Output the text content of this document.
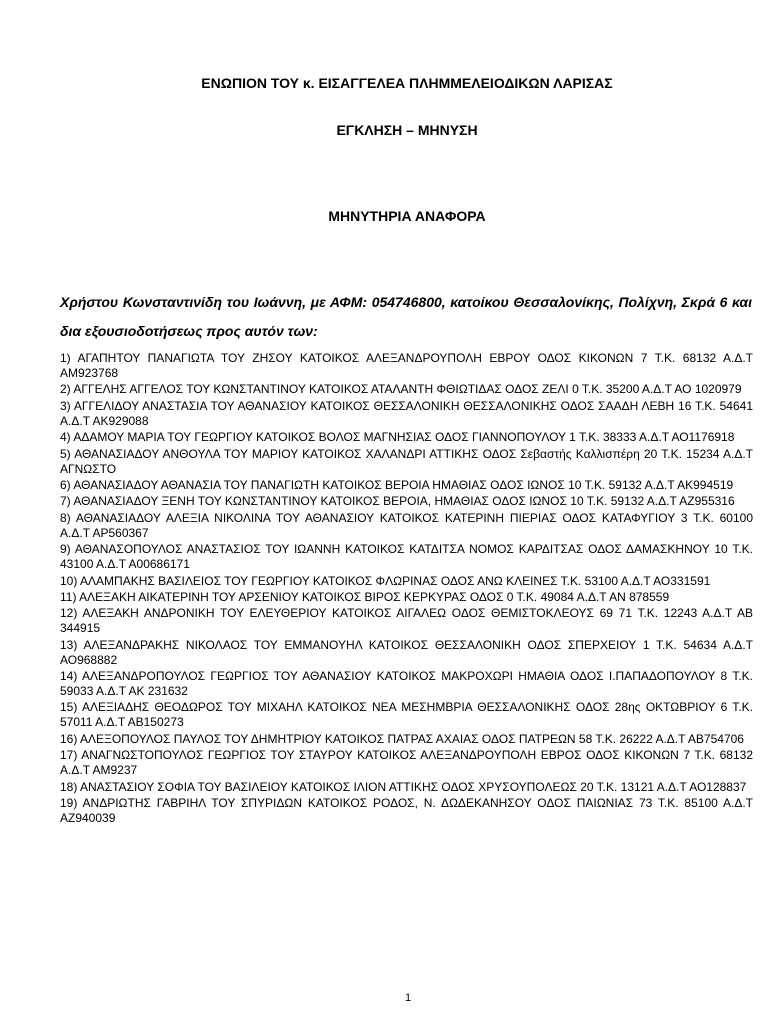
ΕΝΩΠΙΟΝ ΤΟΥ κ. ΕΙΣΑΓΓΕΛΕΑ ΠΛΗΜΜΕΛΕΙΟΔΙΚΩΝ ΛΑΡΙΣΑΣ
ΕΓΚΛΗΣΗ – ΜΗΝΥΣΗ
ΜΗΝΥΤΗΡΙΑ ΑΝΑΦΟΡΑ
Χρήστου Κωνσταντινίδη του Ιωάννη, με ΑΦΜ: 054746800, κατοίκου Θεσσαλονίκης, Πολίχνη, Σκρά 6 και δια εξουσιοδοτήσεως προς αυτόν των:
1) ΑΓΑΠΗΤΟΥ ΠΑΝΑΓΙΩΤΑ ΤΟΥ ΖΗΣΟΥ ΚΑΤΟΙΚΟΣ ΑΛΕΞΑΝΔΡΟΥΠΟΛΗ ΕΒΡΟΥ ΟΔΟΣ ΚΙΚΟΝΩΝ 7 Τ.Κ. 68132 Α.Δ.Τ ΑΜ923768
2) ΑΓΓΕΛΗΣ ΑΓΓΕΛΟΣ ΤΟΥ ΚΩΝΣΤΑΝΤΙΝΟΥ ΚΑΤΟΙΚΟΣ ΑΤΑΛΑΝΤΗ ΦΘΙΩΤΙΔΑΣ ΟΔΟΣ ΖΕΛΙ 0 Τ.Κ. 35200 Α.Δ.Τ ΑΟ 1020979
3) ΑΓΓΕΛΙΔΟΥ ΑΝΑΣΤΑΣΙΑ ΤΟΥ ΑΘΑΝΑΣΙΟΥ ΚΑΤΟΙΚΟΣ ΘΕΣΣΑΛΟΝΙΚΗ ΘΕΣΣΑΛΟΝΙΚΗΣ ΟΔΟΣ ΣΑΑΔΗ ΛΕΒΗ 16 Τ.Κ. 54641 Α.Δ.Τ ΑΚ929088
4) ΑΔΑΜΟΥ ΜΑΡΙΑ ΤΟΥ ΓΕΩΡΓΙΟΥ ΚΑΤΟΙΚΟΣ ΒΟΛΟΣ ΜΑΓΝΗΣΙΑΣ ΟΔΟΣ ΓΙΑΝΝΟΠΟΥΛΟΥ 1 Τ.Κ. 38333 Α.Δ.Τ ΑΟ1176918
5) ΑΘΑΝΑΣΙΑΔΟΥ ΑΝΘΟΥΛΑ ΤΟΥ ΜΑΡΙΟΥ ΚΑΤΟΙΚΟΣ ΧΑΛΑΝΔΡΙ ΑΤΤΙΚΗΣ ΟΔΟΣ Σεβαστής Καλλισπέρη 20 Τ.Κ. 15234 Α.Δ.Τ ΑΓΝΩΣΤΟ
6) ΑΘΑΝΑΣΙΑΔΟΥ ΑΘΑΝΑΣΙΑ ΤΟΥ ΠΑΝΑΓΙΩΤΗ ΚΑΤΟΙΚΟΣ ΒΕΡΟΙΑ ΗΜΑΘΙΑΣ ΟΔΟΣ ΙΩΝΟΣ 10 Τ.Κ. 59132 Α.Δ.Τ ΑΚ994519
7) ΑΘΑΝΑΣΙΑΔΟΥ ΞΕΝΗ ΤΟΥ ΚΩΝΣΤΑΝΤΙΝΟΥ ΚΑΤΟΙΚΟΣ ΒΕΡΟΙΑ, ΗΜΑΘΙΑΣ ΟΔΟΣ ΙΩΝΟΣ 10 Τ.Κ. 59132 Α.Δ.Τ ΑΖ955316
8) ΑΘΑΝΑΣΙΑΔΟΥ ΑΛΕΞΙΑ ΝΙΚΟΛΙΝΑ ΤΟΥ ΑΘΑΝΑΣΙΟΥ ΚΑΤΟΙΚΟΣ ΚΑΤΕΡΙΝΗ ΠΙΕΡΙΑΣ ΟΔΟΣ ΚΑΤΑΦΥΓΙΟΥ 3 Τ.Κ. 60100 Α.Δ.Τ ΑΡ560367
9) ΑΘΑΝΑΣΟΠΟΥΛΟΣ ΑΝΑΣΤΑΣΙΟΣ ΤΟΥ ΙΩΑΝΝΗ ΚΑΤΟΙΚΟΣ ΚΑΤΔΙΤΣΑ ΝΟΜΟΣ ΚΑΡΔΙΤΣΑΣ ΟΔΟΣ ΔΑΜΑΣΚΗΝΟΥ 10 Τ.Κ. 43100 Α.Δ.Τ Α00686171
10) ΑΛΑΜΠΑΚΗΣ ΒΑΣΙΛΕΙΟΣ ΤΟΥ ΓΕΩΡΓΙΟΥ ΚΑΤΟΙΚΟΣ ΦΛΩΡΙΝΑΣ ΟΔΟΣ ΑΝΩ ΚΛΕΙΝΕΣ Τ.Κ. 53100 Α.Δ.Τ ΑΟ331591
11) ΑΛΕΞΑΚΗ ΑΙΚΑΤΕΡΙΝΗ ΤΟΥ ΑΡΣΕΝΙΟΥ ΚΑΤΟΙΚΟΣ ΒΙΡΟΣ ΚΕΡΚΥΡΑΣ ΟΔΟΣ 0 Τ.Κ. 49084 Α.Δ.Τ ΑΝ 878559
12) ΑΛΕΞΑΚΗ ΑΝΔΡΟΝΙΚΗ ΤΟΥ ΕΛΕΥΘΕΡΙΟΥ ΚΑΤΟΙΚΟΣ ΑΙΓΑΛΕΩ ΟΔΟΣ ΘΕΜΙΣΤΟΚΛΕΟΥΣ 69 71 Τ.Κ. 12243 Α.Δ.Τ ΑΒ 344915
13) ΑΛΕΞΑΝΔΡΑΚΗΣ ΝΙΚΟΛΑΟΣ ΤΟΥ ΕΜΜΑΝΟΥΗΛ ΚΑΤΟΙΚΟΣ ΘΕΣΣΑΛΟΝΙΚΗ ΟΔΟΣ ΣΠΕΡΧΕΙΟΥ 1 Τ.Κ. 54634 Α.Δ.Τ ΑΟ968882
14) ΑΛΕΞΑΝΔΡΟΠΟΥΛΟΣ ΓΕΩΡΓΙΟΣ ΤΟΥ ΑΘΑΝΑΣΙΟΥ ΚΑΤΟΙΚΟΣ ΜΑΚΡΟΧΩΡΙ ΗΜΑΘΙΑ ΟΔΟΣ Ι.ΠΑΠΑΔΟΠΟΥΛΟΥ 8 Τ.Κ. 59033 Α.Δ.Τ ΑΚ 231632
15) ΑΛΕΞΙΑΔΗΣ ΘΕΟΔΩΡΟΣ ΤΟΥ ΜΙΧΑΗΛ ΚΑΤΟΙΚΟΣ ΝΕΑ ΜΕΣΗΜΒΡΙΑ ΘΕΣΣΑΛΟΝΙΚΗΣ ΟΔΟΣ 28ης ΟΚΤΩΒΡΙΟΥ 6 Τ.Κ. 57011 Α.Δ.Τ ΑΒ150273
16) ΑΛΕΞΟΠΟΥΛΟΣ ΠΑΥΛΟΣ ΤΟΥ ΔΗΜΗΤΡΙΟΥ ΚΑΤΟΙΚΟΣ ΠΑΤΡΑΣ ΑΧΑΙΑΣ ΟΔΟΣ ΠΑΤΡΕΩΝ 58 Τ.Κ. 26222 Α.Δ.Τ ΑΒ754706
17) ΑΝΑΓΝΩΣΤΟΠΟΥΛΟΣ ΓΕΩΡΓΙΟΣ ΤΟΥ ΣΤΑΥΡΟΥ ΚΑΤΟΙΚΟΣ ΑΛΕΞΑΝΔΡΟΥΠΟΛΗ ΕΒΡΟΣ ΟΔΟΣ ΚΙΚΟΝΩΝ 7 Τ.Κ. 68132 Α.Δ.Τ ΑΜ9237
18) ΑΝΑΣΤΑΣΙΟΥ ΣΟΦΙΑ ΤΟΥ ΒΑΣΙΛΕΙΟΥ ΚΑΤΟΙΚΟΣ ΙΛΙΟΝ ΑΤΤΙΚΗΣ ΟΔΟΣ ΧΡΥΣΟΥΠΟΛΕΩΣ 20 Τ.Κ. 13121 Α.Δ.Τ ΑΟ128837
19) ΑΝΔΡΙΩΤΗΣ ΓΑΒΡΙΗΛ ΤΟΥ ΣΠΥΡΙΔΩΝ ΚΑΤΟΙΚΟΣ ΡΟΔΟΣ, Ν. ΔΩΔΕΚΑΝΗΣΟΥ ΟΔΟΣ ΠΑΙΩΝΙΑΣ 73 Τ.Κ. 85100 Α.Δ.Τ ΑΖ940039
1
